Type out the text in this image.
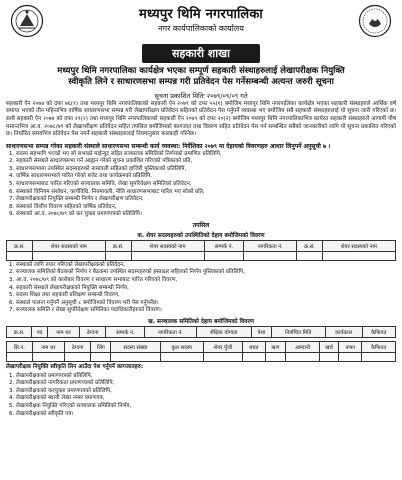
मध्यपुर थिमि नगरपालिका
नगर कार्यपालिकाको कार्यालय
सहकारी शाखा
मध्यपुर थिमि नगरपालिका कार्यक्षेत्र भएका सम्पूर्ण सहकारी संस्थाहरुलाई लेखापरीक्षक नियुक्ति
स्वीकृति लिने र साधारणसभा सम्पन्न गरी प्रतिवेदन पेस गर्नेसम्बन्धी अत्यन्त जरुरी सूचना
सूचना प्रकाशित मितिः २०७९/०९/०९ गते
सहकारी ऐन २०७४ को दफा ७६(१) तथा मध्यपुर थिमि नगरपालिकाको सहकारी ऐन २०७९ को दफा ५५(१) बमोजिम मध्यपुर थिमि नगरपालिका कार्यक्षेत्र भएका सहकारी संस्थाहरुले आर्थिक वर्ष समाप्त भएको तीन महिनाभित्र वार्षिक साधारणसभा सम्पन्न गरी लेखापरीक्षण प्रतिवेदन सहितको प्रतिवेदन पेस गर्नुपर्ने व्यवस्था भए बमोजिम सबै सहकारी संस्थाहरुलाई यो सूचना जारी गरिएको छ। साथै सहकारी ऐन २०७४ को दफा २९(२) तथा मध्यपुर थिमि नगरपालिकाको सहकारी ऐन २०७९ को दफा २०(२) बमोजिम मध्यपुर थिमि नगरपालिकाभित्र कार्यरत सहकारी संस्थाहरुले आगामी पौष मसान्तभित्र आ.व. २०७८/७९ को लेखापरीक्षण प्रतिवेदन सहित तपसिल बमोजिमको कागजात तथा विवरण सहित प्रतिवेदन पेस गर्न सम्बन्धित सबैको जानकारीको लागि यो सूचना प्रकाशित गरिएको छ। निर्धारित समयभित्र प्रतिवेदन पेस नगर्ने सहकारी संस्थाहरुलाई नियमानुसार कारबाही गरिनेछ।
साधारणसभा सम्पन्न गरेका सहकारी संस्थाले साधारणसभा सम्बन्धी कार्य व्यवस्था: निर्देशिका २०७९ मा देहायको विवरणहरु आधार लिनुपर्ने अनुसूची ७ ।
1. सदस्य सहभागि भएको भए सो सभाको माईन्युट सहित सञ्चालक समितिको निर्णयको प्रमाणित प्रतिलिपि,
2. सहकारी संस्थाले साधारणसभा गर्ने आह्वान गरेको सूचना प्रकाशित गरिएको पत्रिकाको प्रति,
3. साधारणसभामा उपस्थित सदस्यहरुको नामावली सहितको हाजिरी पुस्तिकाको प्रतिलिपि,
4. वार्षिक साधारणसभाले पारित गरेको बजेट तथा कार्यक्रमको प्रतिलिपि,
5. साधारणसभाबाट पारित गरिएको सञ्चालक समिति, लेखा सुपरिवेक्षण समितिको प्रतिवेदन,
6. संस्थाको विनियम संशोधन, कार्यविधि, नियमावली, नीति साधारणसभाबाट पारित भए सोको प्रति,
7. लेखापरीक्षकको नियुक्ति सम्बन्धी निर्णय र लेखापरीक्षण प्रतिवेदन,
8. संस्थाको वित्तीय विवरण सहितको वार्षिक प्रतिवेदन,
9. संस्थाको आ.व. २०७८/७९ को कर चुक्ता प्रमाणपत्रको प्रतिलिपि।
तपसिल
क. शेयर सदस्यहरुको उपस्थितिको देहाय बमोजिमको विवरण
क्र.सं.	शेयर सदस्यको नाम	क्र.सं.	शेयर सदस्यको नाम	सम्पर्क नं.	नागरिकता नं.	क्र.सं.	शेयर सदस्यको नाम

1. संस्थाको लागि तयार गरिएको लेखापरीक्षकको प्रतिवेदन,
2. सञ्चालक समितिको बैठकको निर्णय र बैठकमा उपस्थित सदस्यहरुको हस्ताक्षर सहितको निर्णय पुस्तिकाको प्रतिलिपि,
3. आ.व. २०७८/७९ को कारोबार विवरण र साधारण सभाबाट पारित गरिएको विवरण,
4. सहकारी संस्थाले लेखापरीक्षकको नियुक्ति सम्बन्धी निर्णय,
5. सदस्य शिक्षा तथा सहकारी प्रशिक्षण सम्बन्धी विवरण,
6. संस्थाले पालना गर्नुपर्ने अनुसूची ८ बमोजिमको विवरण भरी पेस गर्नुपर्नेछ।
7. सञ्चालक समिति र लेखा सुपरिवेक्षण समितिका पदाधिकारीहरुको विवरण।
ख. सञ्चालक समितिको देहाय बमोजिमको विवरण
क्र.सं.	पद	नाम थर	ठेगाना	सम्पर्क नं.	नागरिकता नं.	शैक्षिक योग्यता	पेशा	निर्वाचित मिति	कार्यकाल	कैफियत
सि.नं.	नाम थर	ठेगाना	लिंग	सदस्य संख्या	कुल सदस्य	शेयर पुँजी	बचत	ऋण	आम्दानी	खर्च	नाफा	कैफियत

लेखापरीक्षक नियुक्ति स्वीकृति लिन आउँदा पेश गर्नुपर्ने कागजातहरु:
1. लेखापरीक्षकको प्रमाणपत्रको प्रतिलिपि,
2. लेखापरीक्षकको नागरिकता प्रमाणपत्रको प्रतिलिपि,
3. लेखापरीक्षकको करचुक्ता प्रमाणपत्रको प्रतिलिपि,
4. लेखापरीक्षकको स्थायी लेखा नम्बर प्रमाणपत्र,
5. लेखापरीक्षक नियुक्ति गरिएको सञ्चालक समितिको निर्णय,
6. लेखापरीक्षकको स्वीकृति पत्र।
